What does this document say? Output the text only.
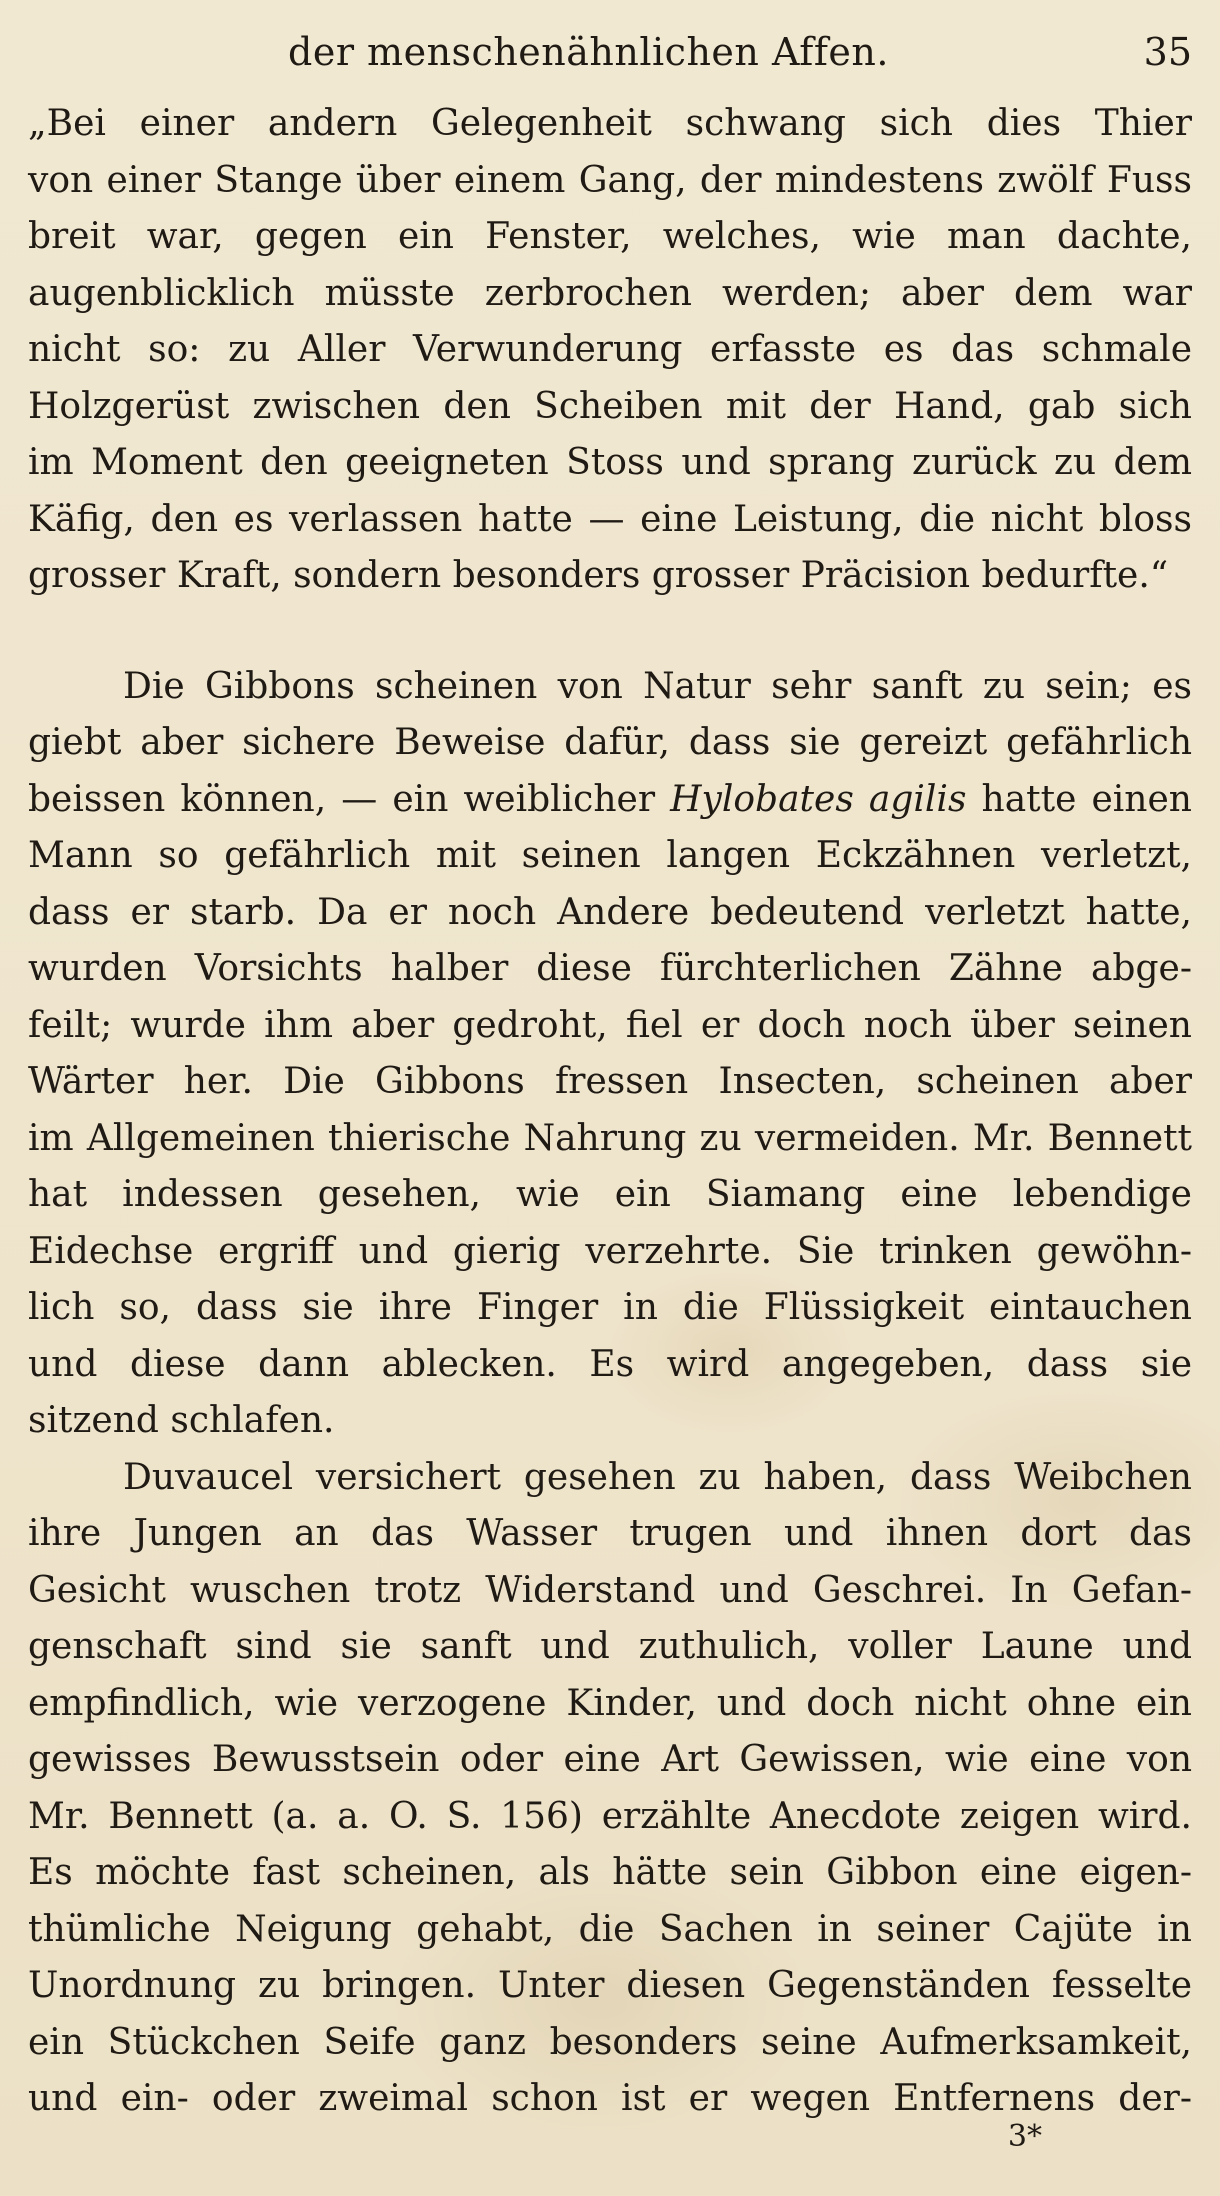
der menschenähnlichen Affen.	35

„Bei einer andern Gelegenheit schwang sich dies Thier

von einer Stange über einem Gang, der mindestens zwölf Fuss

breit war, gegen ein Fenster, welches, wie man dachte,

augenblicklich müsste zerbrochen werden; aber dem war

nicht so: zu Aller Verwunderung erfasste es das schmale

Holzgerüst zwischen den Scheiben mit der Hand, gab sich

im Moment den geeigneten Stoss und sprang zurück zu dem

Käfig, den es verlassen hatte — eine Leistung, die nicht bloss

grosser Kraft, sondern besonders grosser Präcision bedurfte.“

Die Gibbons scheinen von Natur sehr sanft zu sein; es

giebt aber sichere Beweise dafür, dass sie gereizt gefährlich

beissen können, — ein weiblicher Hylobates agilis hatte einen

Mann so gefährlich mit seinen langen Eckzähnen verletzt,

dass er starb. Da er noch Andere bedeutend verletzt hatte,

wurden Vorsichts halber diese fürchterlichen Zähne abge-

feilt; wurde ihm aber gedroht, fiel er doch noch über seinen

Wärter her. Die Gibbons fressen Insecten, scheinen aber

im Allgemeinen thierische Nahrung zu vermeiden. Mr. Bennett

hat indessen gesehen, wie ein Siamang eine lebendige

Eidechse ergriff und gierig verzehrte. Sie trinken gewöhn-

lich so, dass sie ihre Finger in die Flüssigkeit eintauchen

und diese dann ablecken. Es wird angegeben, dass sie

sitzend schlafen.

Duvaucel versichert gesehen zu haben, dass Weibchen

ihre Jungen an das Wasser trugen und ihnen dort das

Gesicht wuschen trotz Widerstand und Geschrei. In Gefan-

genschaft sind sie sanft und zuthulich, voller Laune und

empfindlich, wie verzogene Kinder, und doch nicht ohne ein

gewisses Bewusstsein oder eine Art Gewissen, wie eine von

Mr. Bennett (a. a. O. S. 156) erzählte Anecdote zeigen wird.

Es möchte fast scheinen, als hätte sein Gibbon eine eigen-

thümliche Neigung gehabt, die Sachen in seiner Cajüte in

Unordnung zu bringen. Unter diesen Gegenständen fesselte

ein Stückchen Seife ganz besonders seine Aufmerksamkeit,

und ein- oder zweimal schon ist er wegen Entfernens der-

3*
